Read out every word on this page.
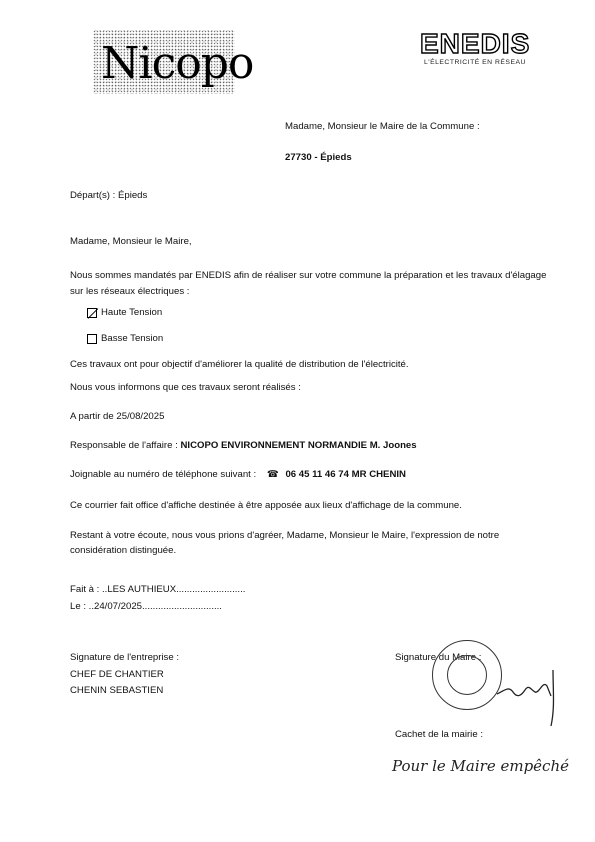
Nicopo	ENEDIS
L'ÉLECTRICITÉ EN RÉSEAU
Madame, Monsieur le Maire de la Commune :
27730 - Épieds
Départ(s) : Épieds
Madame, Monsieur le Maire,
Nous sommes mandatés par ENEDIS afin de réaliser sur votre commune la préparation et les travaux d'élagage sur les réseaux électriques :
Haute Tension
Basse Tension
Ces travaux ont pour objectif d'améliorer la qualité de distribution de l'électricité.
Nous vous informons que ces travaux seront réalisés :
A partir de 25/08/2025
Responsable de l'affaire : NICOPO ENVIRONNEMENT NORMANDIE M. Joones
Joignable au numéro de téléphone suivant : ☎ 06 45 11 46 74 MR CHENIN
Ce courrier fait office d'affiche destinée à être apposée aux lieux d'affichage de la commune.
Restant à votre écoute, nous vous prions d'agréer, Madame, Monsieur le Maire, l'expression de notre considération distinguée.
Fait à : ..LES AUTHIEUX..........................
Le : ..24/07/2025..............................
Signature de l'entreprise :
CHEF DE CHANTIER
CHENIN SEBASTIEN
Signature du Maire :
Cachet de la mairie :
Pour le Maire empêché
